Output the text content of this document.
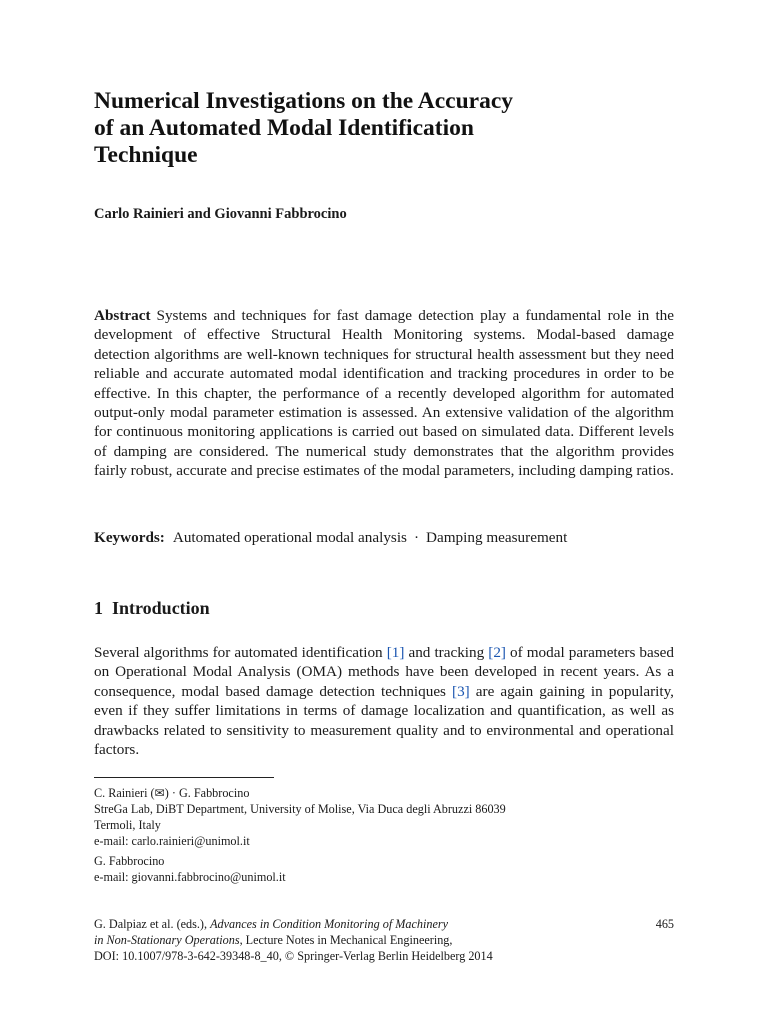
Numerical Investigations on the Accuracy
of an Automated Modal Identification
Technique

Carlo Rainieri and Giovanni Fabbrocino

Abstract Systems and techniques for fast damage detection play a fundamental role in the development of effective Structural Health Monitoring systems. Modal-based damage detection algorithms are well-known techniques for structural health assessment but they need reliable and accurate automated modal identification and tracking procedures in order to be effective. In this chapter, the performance of a recently developed algorithm for automated output-only modal parameter estimation is assessed. An extensive validation of the algorithm for continuous monitoring applications is carried out based on simulated data. Different levels of damping are considered. The numerical study demonstrates that the algorithm provides fairly robust, accurate and precise estimates of the modal parameters, including damping ratios.

Keywords: Automated operational modal analysis · Damping measurement

1 Introduction

Several algorithms for automated identification [1] and tracking [2] of modal parameters based on Operational Modal Analysis (OMA) methods have been developed in recent years. As a consequence, modal based damage detection techniques [3] are again gaining in popularity, even if they suffer limitations in terms of damage localization and quantification, as well as drawbacks related to sensitivity to measurement quality and to environmental and operational factors.

C. Rainieri (✉) · G. Fabbrocino
StreGa Lab, DiBT Department, University of Molise, Via Duca degli Abruzzi 86039
Termoli, Italy
e-mail: carlo.rainieri@unimol.it
G. Fabbrocino
e-mail: giovanni.fabbrocino@unimol.it
G. Dalpiaz et al. (eds.), Advances in Condition Monitoring of Machinery
in Non-Stationary Operations, Lecture Notes in Mechanical Engineering,
DOI: 10.1007/978-3-642-39348-8_40, © Springer-Verlag Berlin Heidelberg 2014
465
